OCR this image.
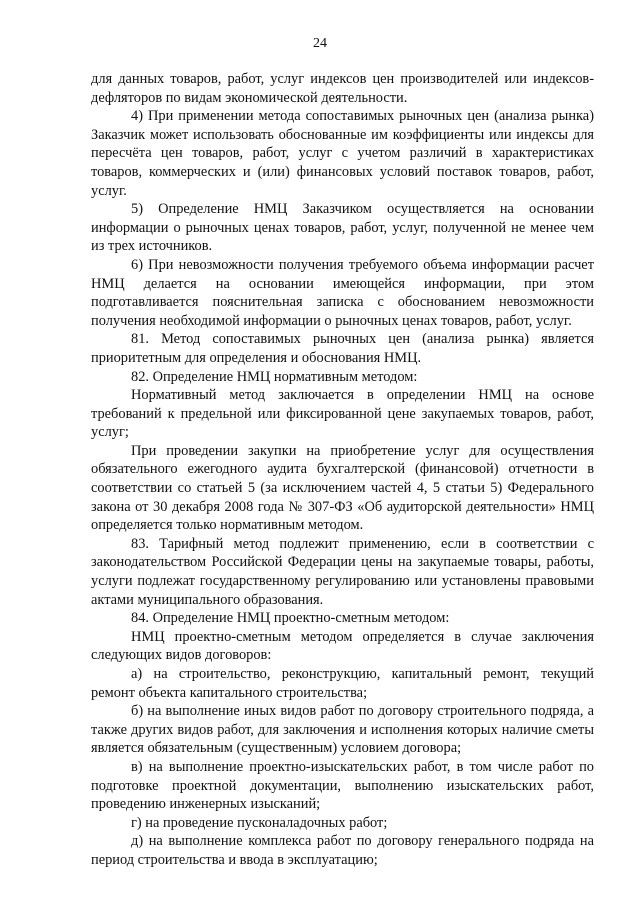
24

для данных товаров, работ, услуг индексов цен производителей или индексов-дефляторов по видам экономической деятельности.

4) При применении метода сопоставимых рыночных цен (анализа рынка) Заказчик может использовать обоснованные им коэффициенты или индексы для пересчёта цен товаров, работ, услуг с учетом различий в характеристиках товаров, коммерческих и (или) финансовых условий поставок товаров, работ, услуг.

5) Определение НМЦ Заказчиком осуществляется на основании информации о рыночных ценах товаров, работ, услуг, полученной не менее чем из трех источников.

6) При невозможности получения требуемого объема информации расчет НМЦ делается на основании имеющейся информации, при этом подготавливается пояснительная записка с обоснованием невозможности получения необходимой информации о рыночных ценах товаров, работ, услуг.

81. Метод сопоставимых рыночных цен (анализа рынка) является приоритетным для определения и обоснования НМЦ.

82. Определение НМЦ нормативным методом:

Нормативный метод заключается в определении НМЦ на основе требований к предельной или фиксированной цене закупаемых товаров, работ, услуг;

При проведении закупки на приобретение услуг для осуществления обязательного ежегодного аудита бухгалтерской (финансовой) отчетности в соответствии со статьей 5 (за исключением частей 4, 5 статьи 5) Федерального закона от 30 декабря 2008 года № 307-ФЗ «Об аудиторской деятельности» НМЦ определяется только нормативным методом.

83. Тарифный метод подлежит применению, если в соответствии с законодательством Российской Федерации цены на закупаемые товары, работы, услуги подлежат государственному регулированию или установлены правовыми актами муниципального образования.

84. Определение НМЦ проектно-сметным методом:

НМЦ проектно-сметным методом определяется в случае заключения следующих видов договоров:

а) на строительство, реконструкцию, капитальный ремонт, текущий ремонт объекта капитального строительства;

б) на выполнение иных видов работ по договору строительного подряда, а также других видов работ, для заключения и исполнения которых наличие сметы является обязательным (существенным) условием договора;

в) на выполнение проектно-изыскательских работ, в том числе работ по подготовке проектной документации, выполнению изыскательских работ, проведению инженерных изысканий;

г) на проведение пусконаладочных работ;

д) на выполнение комплекса работ по договору генерального подряда на период строительства и ввода в эксплуатацию;
